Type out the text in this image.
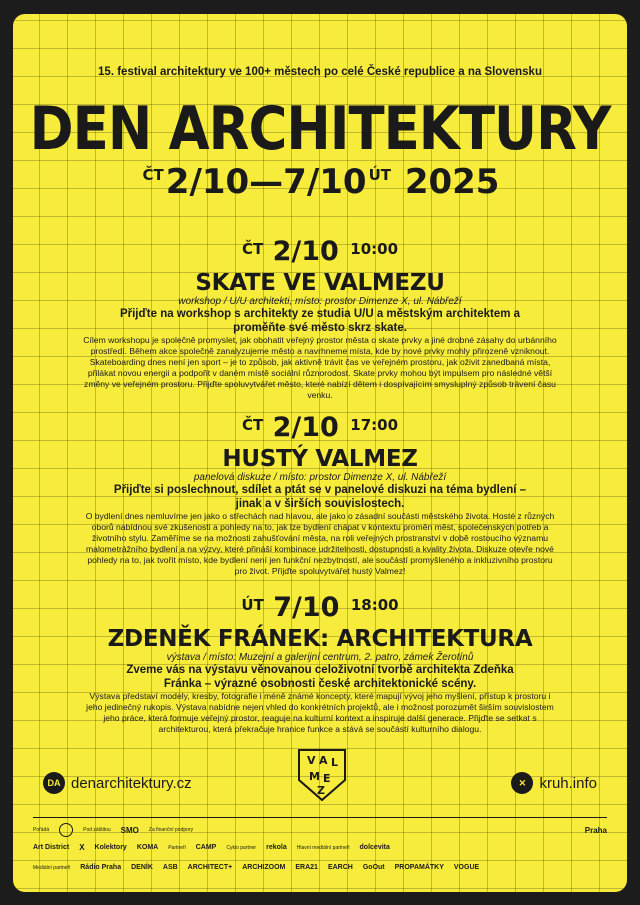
15. festival architektury ve 100+ městech po celé České republice a na Slovensku
DEN ARCHITEKTURY
$^{ČT}$2/10—7/10 $^{ÚT}$ 2025
$^{ČT}$ 2/10 $^{10:00}$
SKATE VE VALMEZU
workshop / U/U architekti, místo: prostor Dimenze X, ul. Nábřeží
Přijďte na workshop s architekty ze studia U/U a městským architektem a proměňte své město skrz skate.
Cílem workshopu je společně promyslet, jak obohatit veřejný prostor města o skate prvky a jiné drobné zásahy do urbánního prostředí. Během akce společně zanalyzujeme město a navrhneme místa, kde by nové prvky mohly přirozeně vzniknout. Skateboarding dnes není jen sport – je to způsob, jak aktivně trávit čas ve veřejném prostoru, jak oživit zanedbaná místa, přilákat novou energii a podpořit v daném místě sociální různorodost. Skate prvky mohou být impulsem pro následné větší změny ve veřejném prostoru. Přijďte spoluvytvářet město, které nabízí dětem i dospívajícím smysluplný způsob trávení času venku.
$^{ČT}$ 2/10 $^{17:00}$
HUSTÝ VALMEZ
panelová diskuze / místo: prostor Dimenze X, ul. Nábřeží
Přijďte si poslechnout, sdílet a ptát se v panelové diskuzi na téma bydlení – jinak a v širších souvislostech.
O bydlení dnes nemluvíme jen jako o střechách nad hlavou, ale jako o zásadní součásti městského života. Hosté z různých oborů nabídnou své zkušenosti a pohledy na to, jak lze bydlení chápat v kontextu proměn měst, společenských potřeb a životního stylu. Zaměříme se na možnosti zahušťování města, na roli veřejných prostranství v době rostoucího významu malometrážního bydlení a na výzvy, které přináší kombinace udržitelnosti, dostupnosti a kvality života. Diskuze otevře nové pohledy na to, jak tvořit místo, kde bydlení není jen funkční nezbytností, ale součástí promyšleného a inkluzivního prostoru pro život. Přijďte spoluvytvářet hustý Valmez!
$^{ÚT}$ 7/10 $^{18:00}$
ZDENĚK FRÁNEK: ARCHITEKTURA
výstava / místo: Muzejní a galerijní centrum, 2. patro, zámek Žerotínů
Zveme vás na výstavu věnovanou celoživotní tvorbě architekta Zdeňka Fránka – výrazné osobnosti české architektonické scény.
Výstava představí modely, kresby, fotografie i méně známé koncepty, které mapují vývoj jeho myšlení, přístup k prostoru i jeho jedinečný rukopis. Výstava nabídne nejen vhled do konkrétních projektů, ale i možnost porozumět širším souvislostem jeho práce, která formuje veřejný prostor, reaguje na kulturní kontext a inspiruje další generace. Přijďte se setkat s architekturou, která překračuje hranice funkce a stává se součástí kulturního dialogu.
DA denarchitektury.cz
V A L
M E
Z
✕ kruh.info
Pořádá	Pod záštitou SMO Za finanční podpory	Praha
Art District X Kolektory KOMA Partneři CAMP Cyklo partner rekola Hlavní mediální partneři dolcevita
Mediální partneři Rádio Praha DENÍK ASB ARCHITECT+ ARCHIZOOM ERA21 EARCH GoOut PROPAMÁTKY VOGUE
